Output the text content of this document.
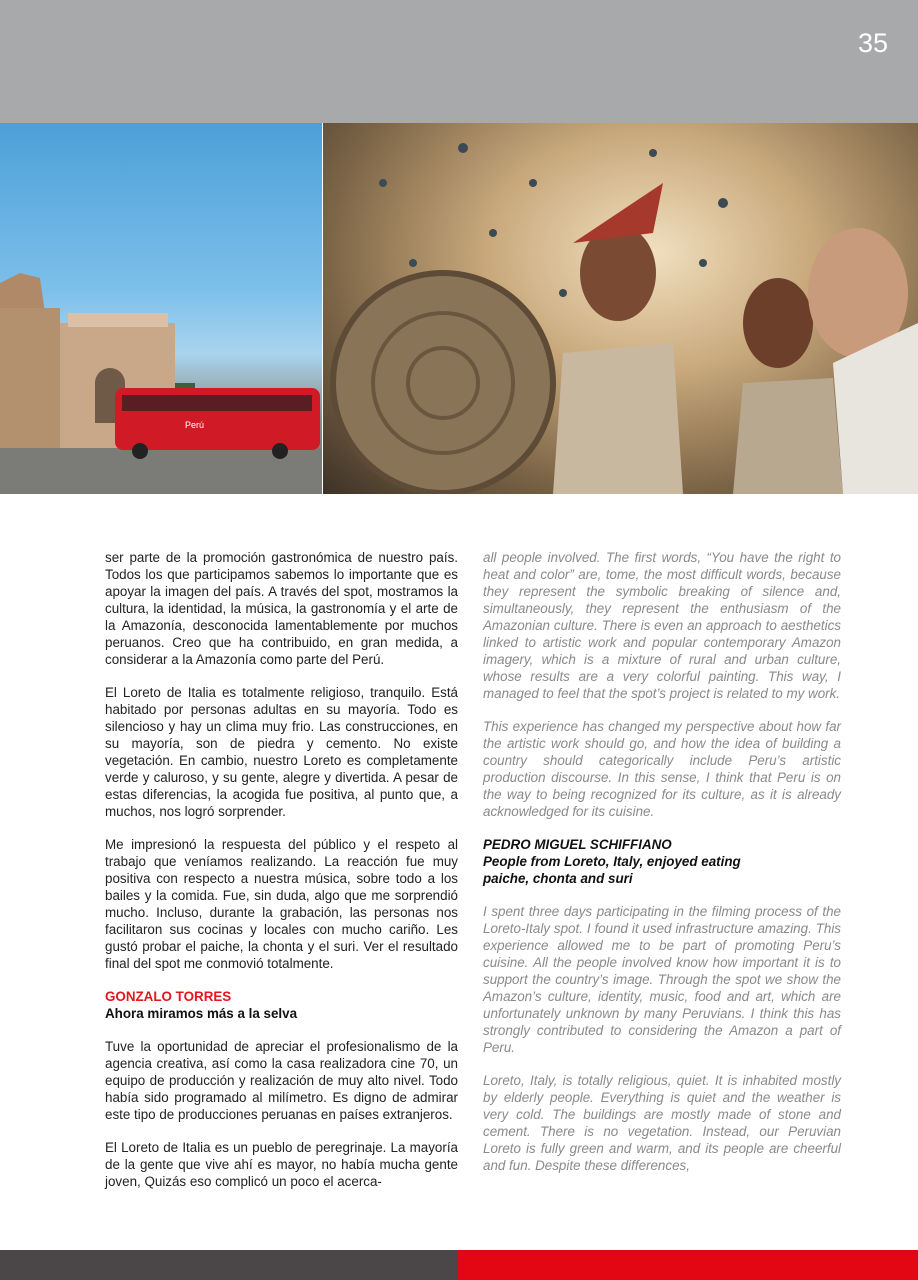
35
Perú

ser parte de la promoción gastronómica de nuestro país. Todos los que participamos sabemos lo importante que es apoyar la imagen del país. A través del spot, mostramos la cultura, la identidad, la música, la gastronomía y el arte de la Amazonía, desconocida lamentablemente por muchos peruanos. Creo que ha contribuido, en gran medida, a considerar a la Amazonía como parte del Perú.

El Loreto de Italia es totalmente religioso, tranquilo. Está habitado por personas adultas en su mayoría. Todo es silencioso y hay un clima muy frio. Las construcciones, en su mayoría, son de piedra y cemento. No existe vegetación. En cambio, nuestro Loreto es completamente verde y caluroso, y su gente, alegre y divertida. A pesar de estas diferencias, la acogida fue positiva, al punto que, a muchos, nos logró sorprender.

Me impresionó la respuesta del público y el respeto al trabajo que veníamos realizando. La reacción fue muy positiva con respecto a nuestra música, sobre todo a los bailes y la comida. Fue, sin duda, algo que me sorprendió mucho. Incluso, durante la grabación, las personas nos facilitaron sus cocinas y locales con mucho cariño. Les gustó probar el paiche, la chonta y el suri. Ver el resultado final del spot me conmovió totalmente.

GONZALO TORRES
Ahora miramos más a la selva

Tuve la oportunidad de apreciar el profesionalismo de la agencia creativa, así como la casa realizadora cine 70, un equipo de producción y realización de muy alto nivel. Todo había sido programado al milímetro. Es digno de admirar este tipo de producciones peruanas en países extranjeros.

El Loreto de Italia es un pueblo de peregrinaje. La mayoría de la gente que vive ahí es mayor, no había mucha gente joven, Quizás eso complicó un poco el acerca-

all people involved. The first words, “You have the right to heat and color” are, tome, the most difficult words, because they represent the symbolic breaking of silence and, simultaneously, they represent the enthusiasm of the Amazonian culture. There is even an approach to aesthetics linked to artistic work and popular contemporary Amazon imagery, which is a mixture of rural and urban culture, whose results are a very colorful painting. This way, I managed to feel that the spot’s project is related to my work.

This experience has changed my perspective about how far the artistic work should go, and how the idea of building a country should categorically include Peru’s artistic production discourse. In this sense, I think that Peru is on the way to being recognized for its culture, as it is already acknowledged for its cuisine.

PEDRO MIGUEL SCHIFFIANO
People from Loreto, Italy, enjoyed eating
paiche, chonta and suri

I spent three days participating in the filming process of the Loreto-Italy spot. I found it used infrastructure amazing. This experience allowed me to be part of promoting Peru’s cuisine. All the people involved know how important it is to support the country’s image. Through the spot we show the Amazon’s culture, identity, music, food and art, which are unfortunately unknown by many Peruvians. I think this has strongly contributed to considering the Amazon a part of Peru.

Loreto, Italy, is totally religious, quiet. It is inhabited mostly by elderly people. Everything is quiet and the weather is very cold. The buildings are mostly made of stone and cement. There is no vegetation. Instead, our Peruvian Loreto is fully green and warm, and its people are cheerful and fun. Despite these differences,
